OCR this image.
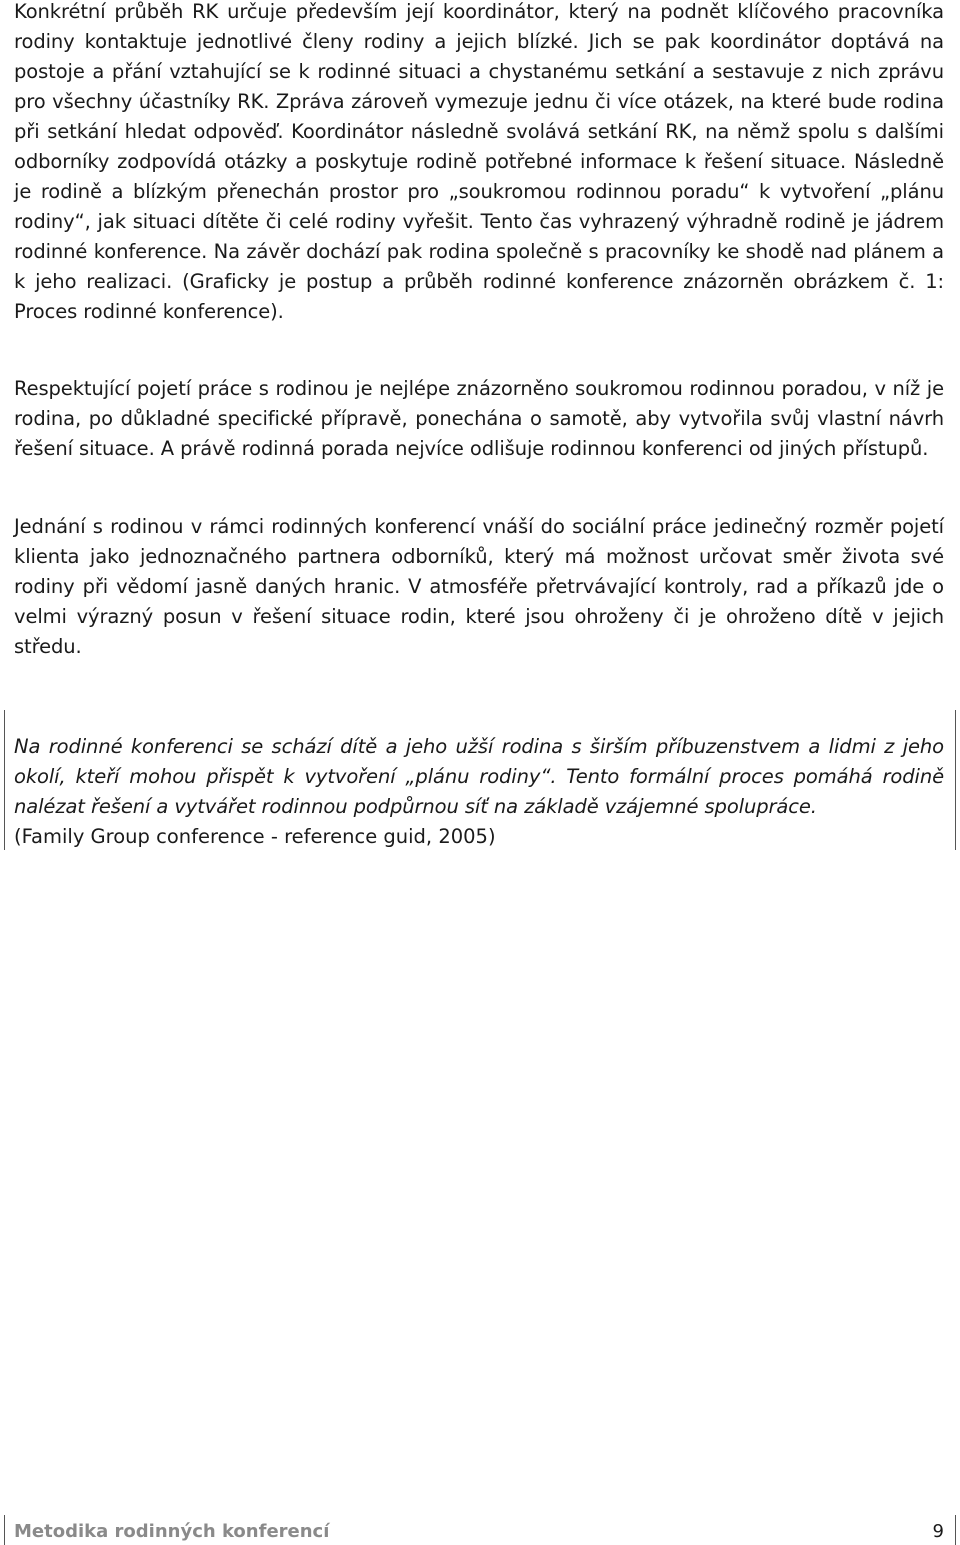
Konkrétní průběh RK určuje především její koordinátor, který na podnět klíčového pracovníka rodiny kontaktuje jednotlivé členy rodiny a jejich blízké. Jich se pak koordinátor doptává na postoje a přání vztahující se k rodinné situaci a chystanému setkání a sestavuje z nich zprávu pro všechny účastníky RK. Zpráva zároveň vymezuje jednu či více otázek, na které bude rodina při setkání hledat odpověď. Koordinátor následně svolává setkání RK, na němž spolu s dalšími odborníky zodpovídá otázky a poskytuje rodině potřebné informace k řešení situace. Následně je rodině a blízkým přenechán prostor pro „soukromou rodinnou poradu“ k vytvoření „plánu rodiny“, jak situaci dítěte či celé rodiny vyřešit. Tento čas vyhrazený výhradně rodině je jádrem rodinné konference. Na závěr dochází pak rodina společně s pracovníky ke shodě nad plánem a k jeho realizaci. (Graficky je postup a průběh rodinné konference znázorněn obrázkem č. 1: Proces rodinné konference).

Respektující pojetí práce s rodinou je nejlépe znázorněno soukromou rodinnou poradou, v níž je rodina, po důkladné specifické přípravě, ponechána o samotě, aby vytvořila svůj vlastní návrh řešení situace. A právě rodinná porada nejvíce odlišuje rodinnou konferenci od jiných přístupů.

Jednání s rodinou v rámci rodinných konferencí vnáší do sociální práce jedinečný rozměr pojetí klienta jako jednoznačného partnera odborníků, který má možnost určovat směr života své rodiny při vědomí jasně daných hranic. V atmosféře přetrvávající kontroly, rad a příkazů jde o velmi výrazný posun v řešení situace rodin, které jsou ohroženy či je ohroženo dítě v jejich středu.

Na rodinné konferenci se schází dítě a jeho užší rodina s širším příbuzenstvem a lidmi z jeho okolí, kteří mohou přispět k vytvoření „plánu rodiny“. Tento formální proces pomáhá rodině nalézat řešení a vytvářet rodinnou podpůrnou síť na základě vzájemné spolupráce.

(Family Group conference - reference guid, 2005)

Metodika rodinných konferencí	9
